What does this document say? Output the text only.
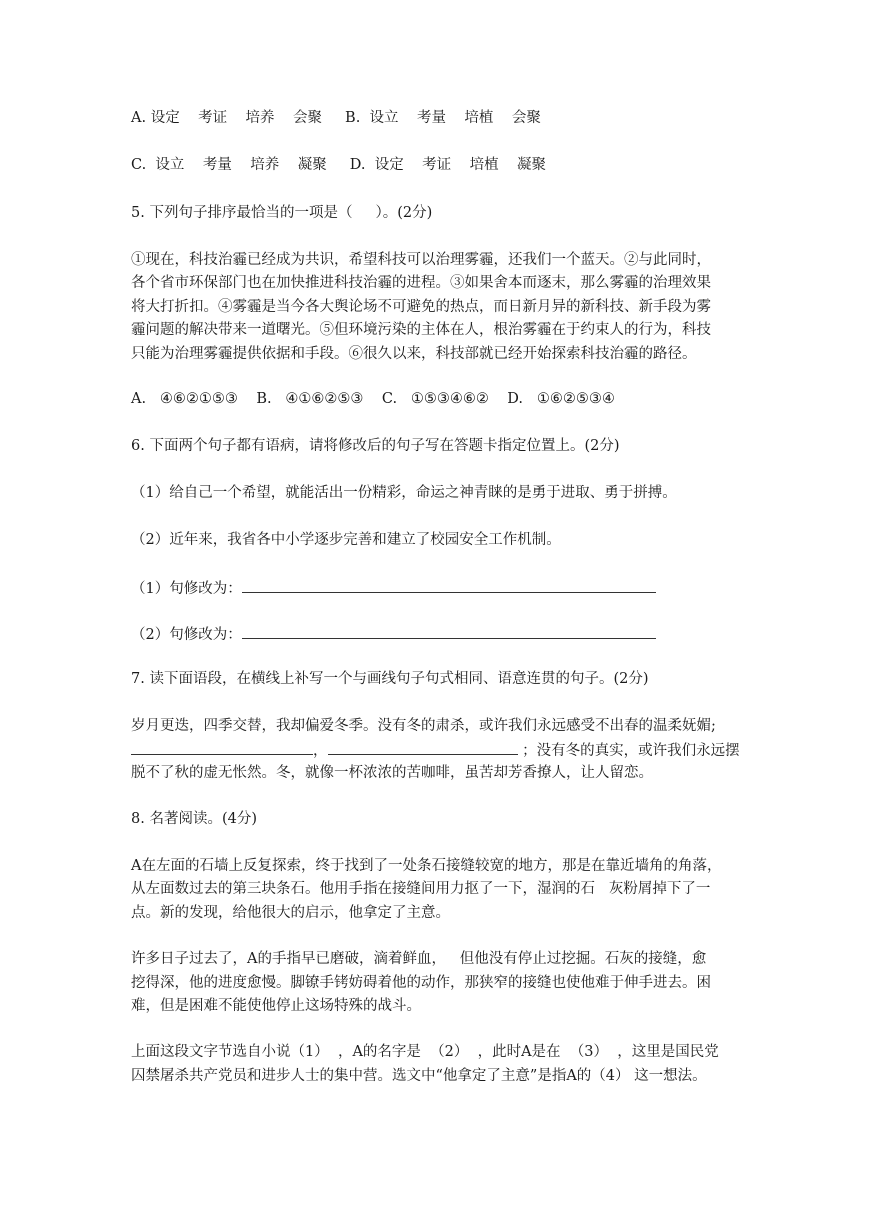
A. 设定    考证    培养    会聚     B.  设立    考量    培植    会聚
C.  设立    考量    培养    凝聚     D.  设定    考证    培植    凝聚
5. 下列句子排序最恰当的一项是（     ）。(2分)
①现在，科技治霾已经成为共识，希望科技可以治理雾霾，还我们一个蓝天。②与此同时，
各个省市环保部门也在加快推进科技治霾的进程。③如果舍本而逐末，那么雾霾的治理效果
将大打折扣。④雾霾是当今各大舆论场不可避免的热点，而日新月异的新科技、新手段为雾
霾问题的解决带来一道曙光。⑤但环境污染的主体在人，根治雾霾在于约束人的行为，科技
只能为治理雾霾提供依据和手段。⑥很久以来，科技部就已经开始探索科技治霾的路径。
A.   ④⑥②①⑤③    B.   ④①⑥②⑤③    C.   ①⑤③④⑥②    D.   ①⑥②⑤③④
6. 下面两个句子都有语病，请将修改后的句子写在答题卡指定位置上。(2分)
（1）给自己一个希望，就能活出一份精彩，命运之神青睐的是勇于进取、勇于拼搏。
（2）近年来，我省各中小学逐步完善和建立了校园安全工作机制。
（1）句修改为：
（2）句修改为：
7. 读下面语段，在横线上补写一个与画线句子句式相同、语意连贯的句子。(2分)
岁月更迭，四季交替，我却偏爱冬季。没有冬的肃杀，或许我们永远感受不出春的温柔妩媚;
，	；没有冬的真实，或许我们永远摆
脱不了秋的虚无怅然。冬，就像一杯浓浓的苦咖啡，虽苦却芳香撩人，让人留恋。
8. 名著阅读。(4分)
A在左面的石墙上反复探索，终于找到了一处条石接缝较宽的地方，那是在靠近墙角的角落，
从左面数过去的第三块条石。他用手指在接缝间用力抠了一下，湿润的石   灰粉屑掉下了一
点。新的发现，给他很大的启示，他拿定了主意。
许多日子过去了，A的手指早已磨破，滴着鲜血，   但他没有停止过挖掘。石灰的接缝，愈
挖得深，他的进度愈慢。脚镣手铐妨碍着他的动作，那狭窄的接缝也使他难于伸手进去。困
难，但是困难不能使他停止这场特殊的战斗。
上面这段文字节选自小说（1）  ，A的名字是  （2）  ，此时A是在  （3）  ，这里是国民党
囚禁屠杀共产党员和进步人士的集中营。选文中“他拿定了主意”是指A的（4） 这一想法。
